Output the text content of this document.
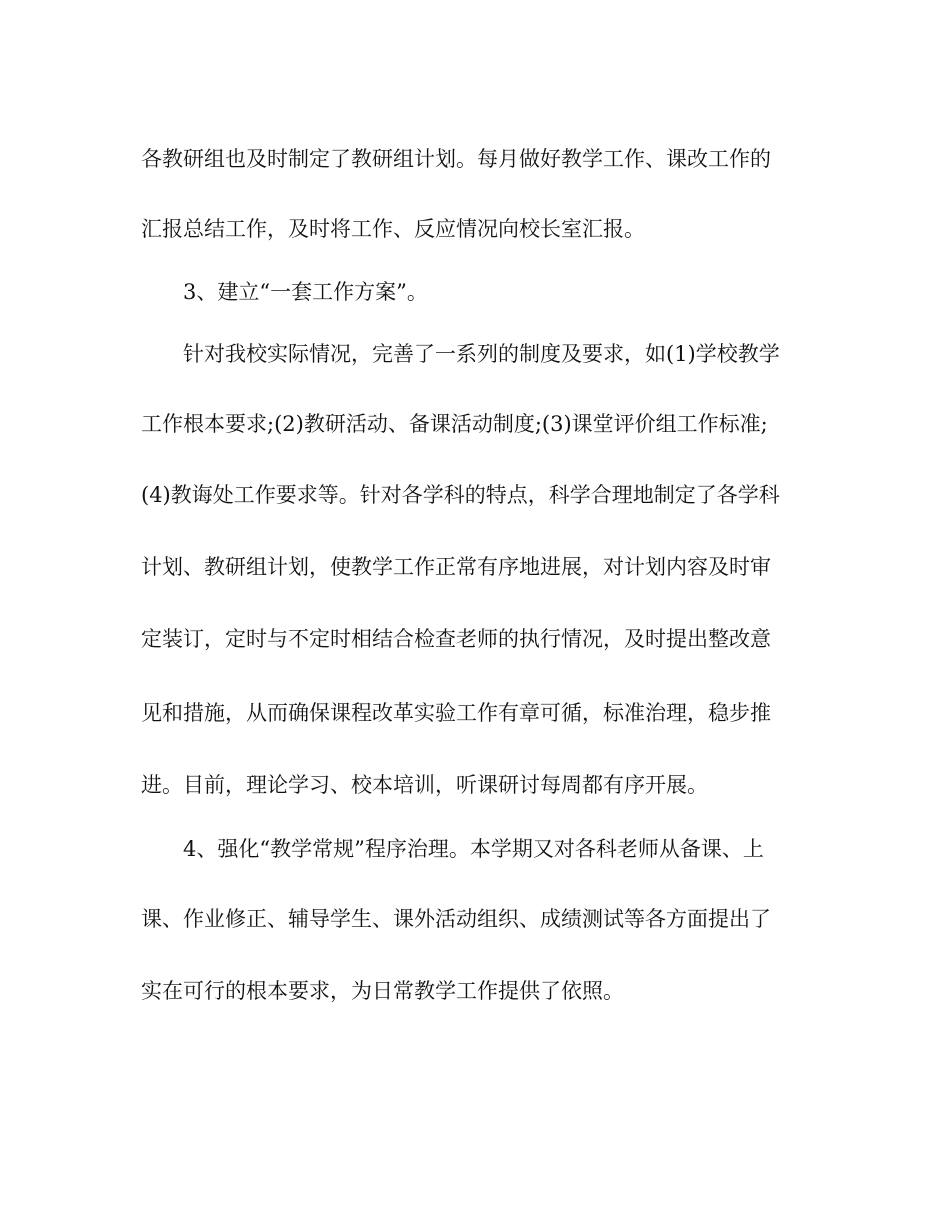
各教研组也及时制定了教研组计划。每月做好教学工作、课改工作的

汇报总结工作，及时将工作、反应情况向校长室汇报。

3、建立“一套工作方案”。

针对我校实际情况，完善了一系列的制度及要求，如(1)学校教学

工作根本要求;(2)教研活动、备课活动制度;(3)课堂评价组工作标准;

(4)教诲处工作要求等。针对各学科的特点，科学合理地制定了各学科

计划、教研组计划，使教学工作正常有序地进展，对计划内容及时审

定装订，定时与不定时相结合检查老师的执行情况，及时提出整改意

见和措施，从而确保课程改革实验工作有章可循，标准治理，稳步推

进。目前，理论学习、校本培训，听课研讨每周都有序开展。

4、强化“教学常规”程序治理。本学期又对各科老师从备课、上

课、作业修正、辅导学生、课外活动组织、成绩测试等各方面提出了

实在可行的根本要求，为日常教学工作提供了依照。
